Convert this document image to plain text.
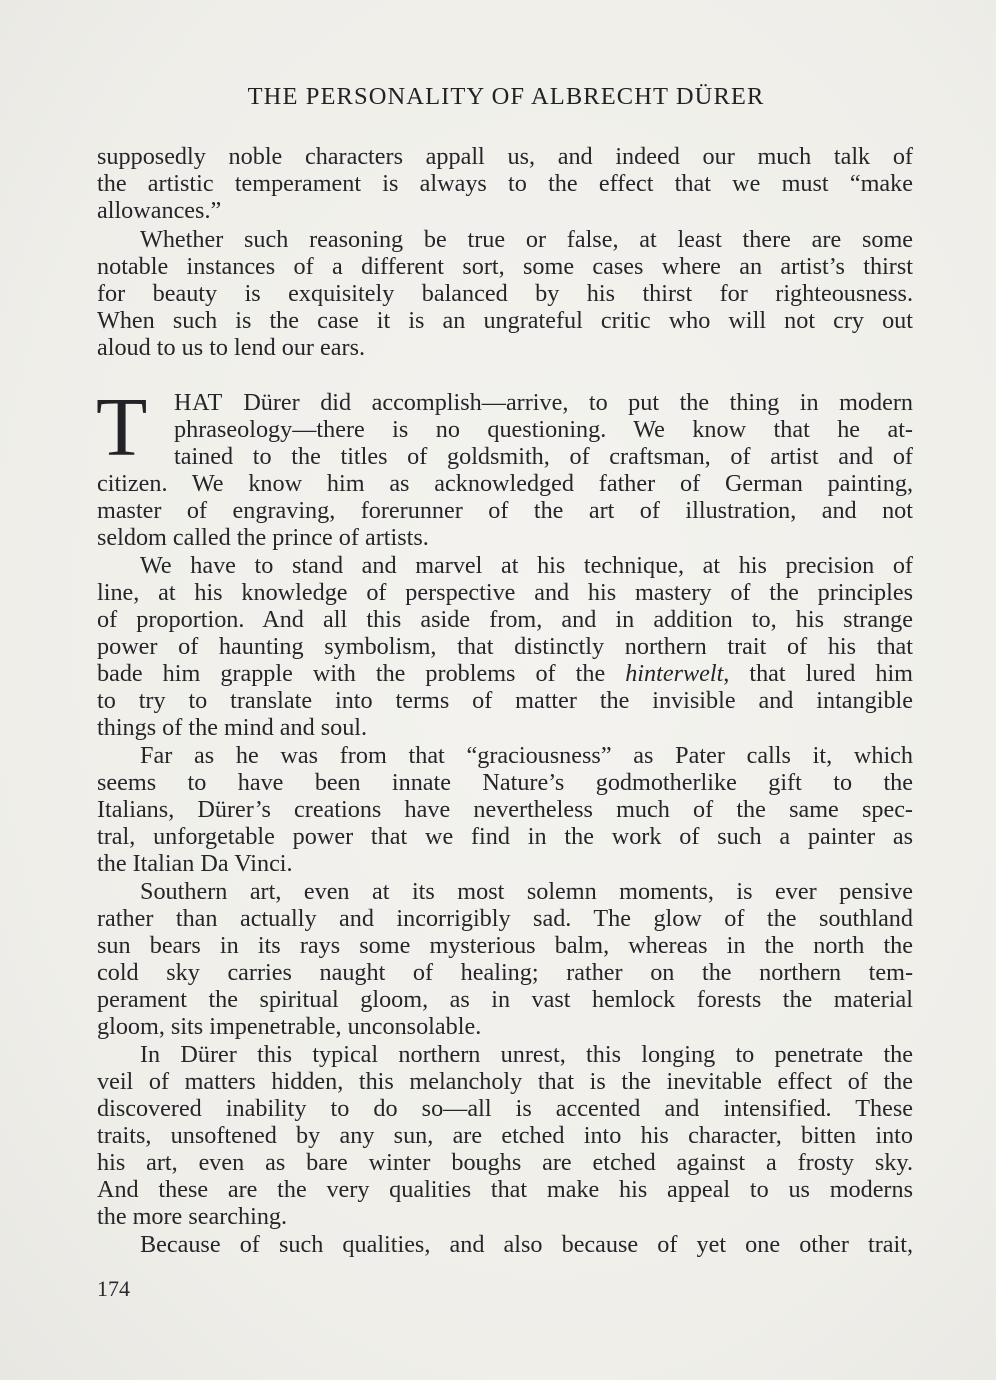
THE PERSONALITY OF ALBRECHT DÜRER
supposedly noble characters appall us, and indeed our much talk of
the artistic temperament is always to the effect that we must “make
allowances.”
Whether such reasoning be true or false, at least there are some
notable instances of a different sort, some cases where an artist’s thirst
for beauty is exquisitely balanced by his thirst for righteousness.
When such is the case it is an ungrateful critic who will not cry out
aloud to us to lend our ears.
T HAT Dürer did accomplish—arrive, to put the thing in modern
phraseology—there is no questioning. We know that he at-
tained to the titles of goldsmith, of craftsman, of artist and of
citizen. We know him as acknowledged father of German painting,
master of engraving, forerunner of the art of illustration, and not
seldom called the prince of artists.
We have to stand and marvel at his technique, at his precision of
line, at his knowledge of perspective and his mastery of the principles
of proportion. And all this aside from, and in addition to, his strange
power of haunting symbolism, that distinctly northern trait of his that
bade him grapple with the problems of the hinterwelt, that lured him
to try to translate into terms of matter the invisible and intangible
things of the mind and soul.
Far as he was from that “graciousness” as Pater calls it, which
seems to have been innate Nature’s godmotherlike gift to the
Italians, Dürer’s creations have nevertheless much of the same spec-
tral, unforgetable power that we find in the work of such a painter as
the Italian Da Vinci.
Southern art, even at its most solemn moments, is ever pensive
rather than actually and incorrigibly sad. The glow of the southland
sun bears in its rays some mysterious balm, whereas in the north the
cold sky carries naught of healing; rather on the northern tem-
perament the spiritual gloom, as in vast hemlock forests the material
gloom, sits impenetrable, unconsolable.
In Dürer this typical northern unrest, this longing to penetrate the
veil of matters hidden, this melancholy that is the inevitable effect of the
discovered inability to do so—all is accented and intensified. These
traits, unsoftened by any sun, are etched into his character, bitten into
his art, even as bare winter boughs are etched against a frosty sky.
And these are the very qualities that make his appeal to us moderns
the more searching.
Because of such qualities, and also because of yet one other trait,
174
